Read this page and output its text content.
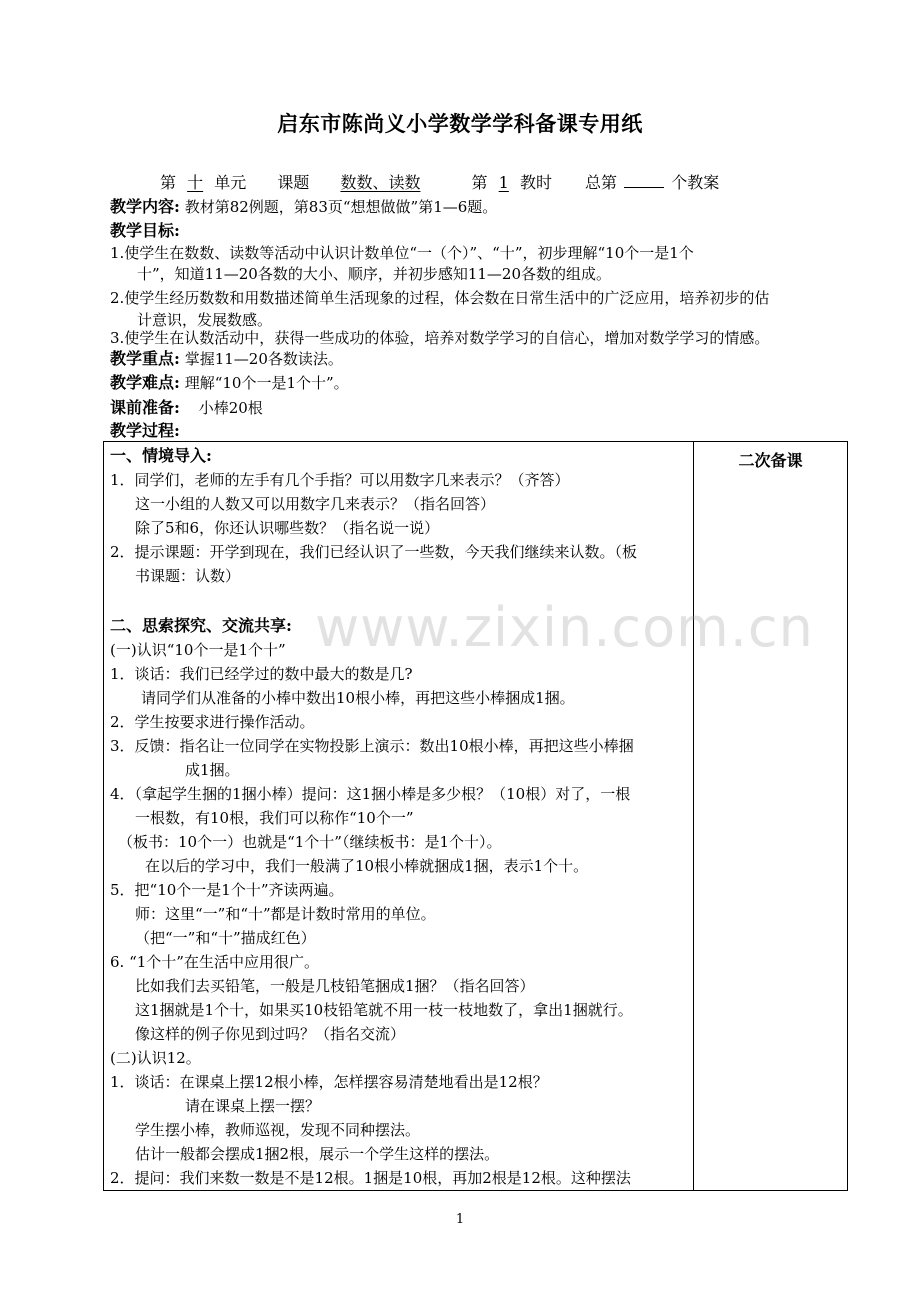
启东市陈尚义小学数学学科备课专用纸
第 十 单元 课题 数数、读数	第 1 教时 总第	个教案
教学内容: 教材第82例题，第83页“想想做做”第1—6题。
教学目标:
1.使学生在数数、读数等活动中认识计数单位“一（个）”、“十”，初步理解“10个一是1个
十”，知道11—20各数的大小、顺序，并初步感知11—20各数的组成。
2.使学生经历数数和用数描述简单生活现象的过程，体会数在日常生活中的广泛应用，培养初步的估
计意识，发展数感。
3.使学生在认数活动中，获得一些成功的体验，培养对数学学习的自信心，增加对数学学习的情感。
教学重点: 掌握11—20各数读法。
教学难点: 理解“10个一是1个十”。
课前准备: 小棒20根
教学过程:
一、情境导入:
1．同学们，老师的左手有几个手指？可以用数字几来表示？（齐答）
这一小组的人数又可以用数字几来表示？（指名回答）
除了5和6，你还认识哪些数？（指名说一说）
2．提示课题：开学到现在，我们已经认识了一些数，今天我们继续来认数。（板
书课题：认数）
二、思索探究、交流共享:
(一)认识“10个一是1个十”
1．谈话：我们已经学过的数中最大的数是几?
请同学们从准备的小棒中数出10根小棒，再把这些小棒捆成1捆。
2．学生按要求进行操作活动。
3．反馈：指名让一位同学在实物投影上演示：数出10根小棒，再把这些小棒捆
成1捆。
4．（拿起学生捆的1捆小棒）提问：这1捆小棒是多少根？（10根）对了，一根
一根数，有10根，我们可以称作“10个一”
（板书：10个一）也就是“1个十”（继续板书：是1个十）。
在以后的学习中，我们一般满了10根小棒就捆成1捆，表示1个十。
5．把“10个一是1个十”齐读两遍。
师：这里“一”和“十”都是计数时常用的单位。
（把“一”和“十”描成红色）
6. “1个十”在生活中应用很广。
比如我们去买铅笔，一般是几枝铅笔捆成1捆？（指名回答）
这1捆就是1个十，如果买10枝铅笔就不用一枝一枝地数了，拿出1捆就行。
像这样的例子你见到过吗？（指名交流）
(二)认识12。
1．谈话：在课桌上摆12根小棒，怎样摆容易清楚地看出是12根？
请在课桌上摆一摆？
学生摆小棒，教师巡视，发现不同种摆法。
估计一般都会摆成1捆2根，展示一个学生这样的摆法。
2．提问：我们来数一数是不是12根。1捆是10根，再加2根是12根。这种摆法
	二次备课
www.zixin.com.cn
1
